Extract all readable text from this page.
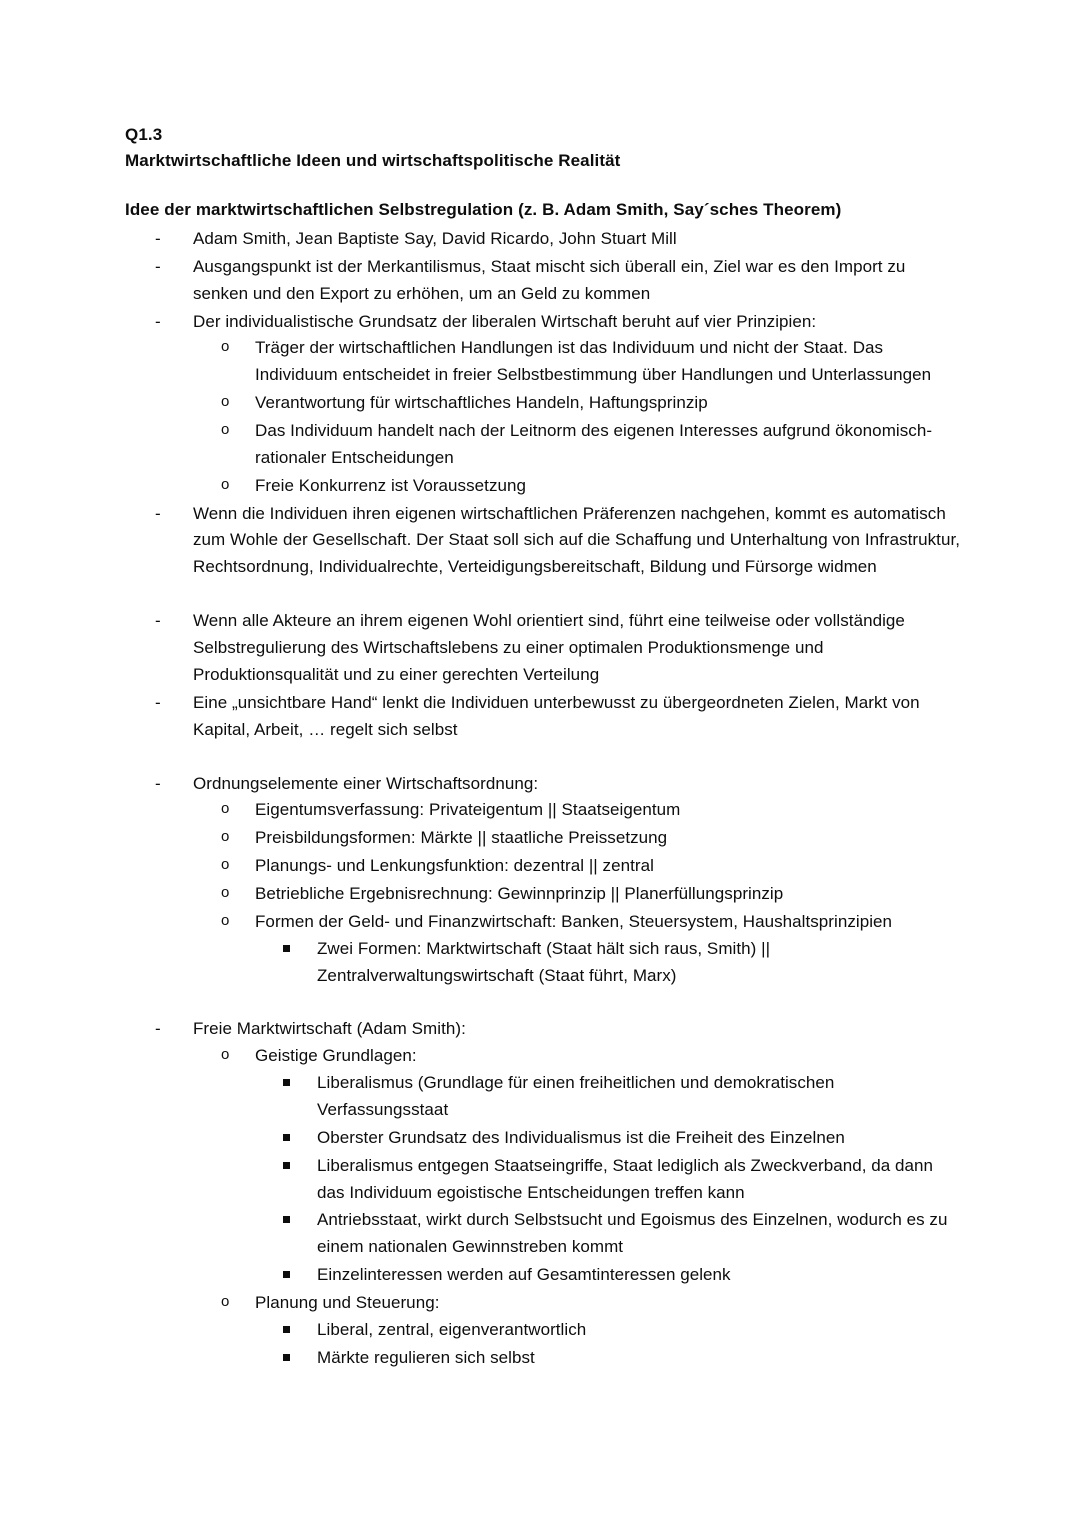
Q1.3
Marktwirtschaftliche Ideen und wirtschaftspolitische Realität
Idee der marktwirtschaftlichen Selbstregulation (z. B. Adam Smith, Say´sches Theorem)
- Adam Smith, Jean Baptiste Say, David Ricardo, John Stuart Mill
- Ausgangspunkt ist der Merkantilismus, Staat mischt sich überall ein, Ziel war es den Import zu senken und den Export zu erhöhen, um an Geld zu kommen
- Der individualistische Grundsatz der liberalen Wirtschaft beruht auf vier Prinzipien:
o Träger der wirtschaftlichen Handlungen ist das Individuum und nicht der Staat. Das Individuum entscheidet in freier Selbstbestimmung über Handlungen und Unterlassungen
o Verantwortung für wirtschaftliches Handeln, Haftungsprinzip
o Das Individuum handelt nach der Leitnorm des eigenen Interesses aufgrund ökonomisch- rationaler Entscheidungen
o Freie Konkurrenz ist Voraussetzung
- Wenn die Individuen ihren eigenen wirtschaftlichen Präferenzen nachgehen, kommt es automatisch zum Wohle der Gesellschaft. Der Staat soll sich auf die Schaffung und Unterhaltung von Infrastruktur, Rechtsordnung, Individualrechte, Verteidigungsbereitschaft, Bildung und Fürsorge widmen
- Wenn alle Akteure an ihrem eigenen Wohl orientiert sind, führt eine teilweise oder vollständige Selbstregulierung des Wirtschaftslebens zu einer optimalen Produktionsmenge und Produktionsqualität und zu einer gerechten Verteilung
- Eine „unsichtbare Hand“ lenkt die Individuen unterbewusst zu übergeordneten Zielen, Markt von Kapital, Arbeit, … regelt sich selbst
- Ordnungselemente einer Wirtschaftsordnung:
o Eigentumsverfassung: Privateigentum || Staatseigentum
o Preisbildungsformen: Märkte || staatliche Preissetzung
o Planungs- und Lenkungsfunktion: dezentral || zentral
o Betriebliche Ergebnisrechnung: Gewinnprinzip || Planerfüllungsprinzip
o Formen der Geld- und Finanzwirtschaft: Banken, Steuersystem, Haushaltsprinzipien
Zwei Formen: Marktwirtschaft (Staat hält sich raus, Smith) || Zentralverwaltungswirtschaft (Staat führt, Marx)
- Freie Marktwirtschaft (Adam Smith):
o Geistige Grundlagen:
Liberalismus (Grundlage für einen freiheitlichen und demokratischen Verfassungsstaat
Oberster Grundsatz des Individualismus ist die Freiheit des Einzelnen
Liberalismus entgegen Staatseingriffe, Staat lediglich als Zweckverband, da dann das Individuum egoistische Entscheidungen treffen kann
Antriebsstaat, wirkt durch Selbstsucht und Egoismus des Einzelnen, wodurch es zu einem nationalen Gewinnstreben kommt
Einzelinteressen werden auf Gesamtinteressen gelenk
o Planung und Steuerung:
Liberal, zentral, eigenverantwortlich
Märkte regulieren sich selbst
